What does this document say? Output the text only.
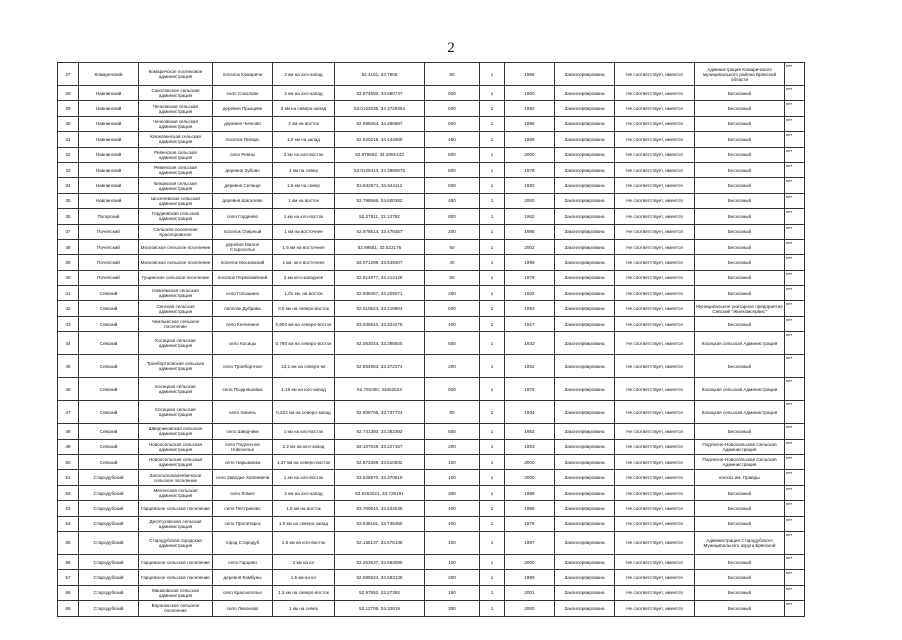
2
27	Комаричский	Комаричское поселковое администрация	поселок Комаричи	2 км на юго-запад	52.4151, 34.7905	50	1	1966	Законсервирована	Не соответствует, имеется	Администрация Комаричского муниципального района Брянской области	нет
28	Навлинский	Соколовское сельская администрация	село Соколово	2 км на юго-запад	52.874650, 34.660747	600	1	1960	Законсервирована	Не соответствует, имеется	Бесхозный	нет
29	Навлинский	Чичковская сельская администрация	деревня Прыщеве	2 км на северо-запад	53.0162035, 34.3729354	600	1	1992	Законсервирована	Не соответствует, имеется	Бесхозный	нет
30	Навлинский	Чичковская сельская администрация	деревня Чичково	2 км на восток	52.995064, 34.490887	600	1	1996	Законсервирована	Не соответствует, имеется	Бесхозный	нет
31	Навлинский	Клюковенская сельская администрация	поселок Пихарь	1.2 км на запад	52.920218, 34.444609	450	1	1969	Законсервирована	Не соответствует, имеется	Бесхозный	нет
32	Навлинский	Ревенская сельская администрация	село Ревны	3 км на юго-восток	52.976582, 34.2991433	600	1	2000	Законсервирована	Не соответствует, имеется	Бесхозный	нет
33	Навлинский	Ревенская сельская администрация	деревня Зубово	2 км на север	53.0129413, 34.3980676	600	1	1978	Законсервирована	Не соответствует, имеется	Бесхозный	нет
34	Навлинский	Бяковская сельская администрация	деревня Селище	1.5 км на север	52.842571, 34.544112	600	1	1982	Законсервирована	Не соответствует, имеется	Бесхозный	нет
35	Навлинский	Шоселевская сельская администрация	деревня Шагалево	1 км на восток	52.796566, 34.600382	450	1	2000	Законсервирована	Не соответствует, имеется	Бесхозный	нет
36	Погарский	Гордиевская сельская администрация	село Гордеево	1 км на юго-восток	52.27511, 33.13792	600	1	1962	Законсервирована	Не соответствует, имеется	Бесхозный	нет
37	Почепский	Сельское поселение Красноровское	поселок Озерный	1 км на восточнее	52.978514, 33.479357	200	1	1988	Законсервирована	Не соответствует, имеется	Бесхозный	нет
38	Почепский	Московское сельское поселение	деревня Малое Староселье	1.5 км на восточнее	52.99561, 33.522176	50	1	2002	Законсервирована	Не соответствует, имеется	Бесхозный	нет
39	Почепский	Московское сельское поселение	поселок Московский	1 км. юго-восточнее	53.071299, 33.549407	40	1	1999	Законсервирована	Не соответствует, имеется	Бесхозный	нет
40	Почепский	Гущинское сельское поселение	поселок Первомайский	3 км юго-западнее	52.914977, 33.414128	60	1	1979	Законсервирована	Не соответствует, имеется	Бесхозный	нет
41	Севский	Новоямская сельская администрация	село Голышино	1,01 км. на восток	52.938457, 33.209071	200	1	1932	Законсервирована	Не соответствует, имеется	Бесхозный	нет
42	Севский	Сенская сельская администрация	поселок Дубрава	0,5 км на северо-восток	52.510524, 33.218804	600	1	1953	Законсервирована	Не соответствует, имеется	Муниципальное унитарное предприятие Севский "Жилкомсервис"	нет
43	Севский	Чемлыжское сельское поселение	село Княгинино	0,604 км на северо-восток	53.036810, 33.324278	400	1	1917	Законсервирована	Не соответствует, имеется	Бесхозный	нет
44	Севский	Косицкая сельская администрация	село Косицы	0,780 км на северо-восток	52.053044, 33.395920	600	1	1933	Законсервирована	Не соответствует, имеется	Косицкая сельская Администрация	нет
45	Севский	Троебортновская сельская администрация	село Троебортное	13,1 км на северо-юг	52.864983, 33.372374	200	1	1952	Законсервирована	Не соответствует, имеется	Бесхозный	нет
46	Севский	Косицкая сельская администрация	село Поздняшовка	1,16 км на юго-запад	52.791000, 33452823	600	1	1975	Законсервирована	Не соответствует, имеется	Косицкая сельская Администрация	нет
47	Севский	Косицкая сельская администрация	село Хинель	0,622 км на северо-запад	52.809756, 33.737724	50	1	1934	Законсервирована	Не соответствует, имеется	Косицкая сельская Администрация	нет
48	Севский	Шведчиковская сельская администрация	село Шведчики	1 км на юго-восток	52.741380, 33.362392	600	1	1953	Законсервирована	Не соответствует, имеется	Бесхозный	нет
49	Севский	Новоосельская сельская администрация	село Подлесное Новоселье	2,2 км на юго-запад	53.107648, 33.227157	200	1	1953	Законсервирована	Не соответствует, имеется	Подлесно-Новосельская Сельская Администрация	нет
50	Севский	Новоосельская сельская администрация	село Нарымовка	1,37 км на северо-восток	52.873368, 33.510832	100	1	2000	Законсервирована	Не соответствует, имеется	Подлесно-Новосельская Сельская Администрация	нет
51	Стародубский	Запольскохалеевичское сельское поселение	село Заводье Халеевичи	1 км на юго-восток	53.528970, 33.370810	100	1	2000	Законсервирована	Не соответствует, имеется	колхоз им. Правды	нет
52	Стародубский	Меленская сельская администрация	село Ломес	2 км на юго-запад	53.5363021, 33.728191	300	1	1999	Законсервирована	Не соответствует, имеется	Бесхозный	нет
53	Стародубский	Гарцевское сельское поселение	село Пестриково	1.5 км на восток	53.700510, 33.634535	400	1	1999	Законсервирована	Не соответствует, имеется	Бесхозный	нет
54	Стародубский	Десятуховская сельская администрация	село Пролетарск	1.5 км на северо-запад	53.838181, 33.745460	400	1	1976	Законсервирована	Не соответствует, имеется	Бесхозный	нет
55	Стародубский	Стародубская городская администрация	город Стародуб	1.5 км на юго-восток	52.155137, 33.676138	400	1	1987	Законсервирована	Не соответствует, имеется	Администрация Стародубского Муниципального округа Брянской	нет
56	Стародубский	Гарцевское сельское поселение	село Гарцево	2 км на юг	52.253537, 33.663090	100	1	2000	Законсервирована	Не соответствует, имеется	Бесхозный	нет
57	Стародубский	Гарцевское сельское поселение	деревня Камбуны	1.5 км на юг	52.095524, 33.583138	200	1	1999	Законсервирована	Не соответствует, имеется	Бесхозный	нет
58	Стародубский	Мишковская сельская администрация	село Краснополье	1.5 км на северо-восток	52.97552, 33.27392	150	1	2001	Законсервирована	Не соответствует, имеется	Бесхозный	нет
59	Стародубский	Воронокское сельское поселение	село Левоново	1 км на север	52.12705, 34.32919	300	1	2000	Законсервирована	Не соответствует, имеется	Бесхозный	нет
